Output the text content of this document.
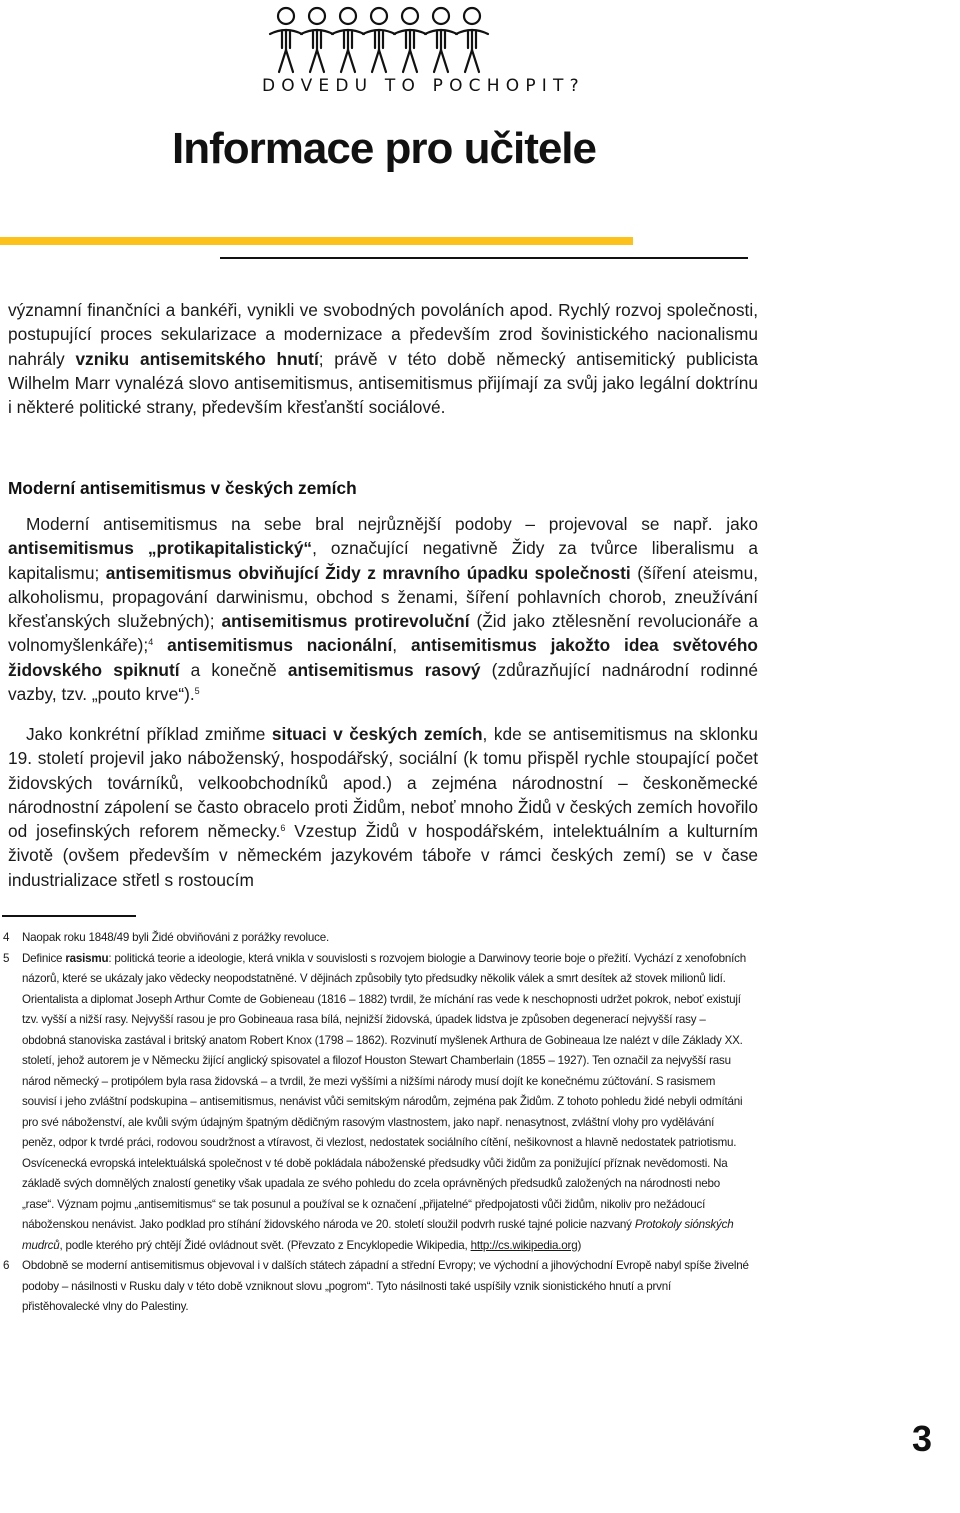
DOVEDU TO POCHOPIT?
Informace pro učitele

významní finančníci a bankéři, vynikli ve svobodných povoláních apod. Rychlý rozvoj společnosti, postupující proces sekularizace a modernizace a především zrod šovinistického nacionalismu nahrály vzniku antisemitského hnutí; právě v této době německý antisemitický publicista Wilhelm Marr vynalézá slovo antisemitismus, antisemitismus přijímají za svůj jako legální doktrínu i některé politické strany, především křesťanští sociálové.

Moderní antisemitismus v českých zemích

Moderní antisemitismus na sebe bral nejrůznější podoby – projevoval se např. jako antisemitismus „protikapitalistický“, označující negativně Židy za tvůrce liberalismu a kapitalismu; antisemitismus obviňující Židy z mravního úpadku společnosti (šíření ateismu, alkoholismu, propagování darwinismu, obchod s ženami, šíření pohlavních chorob, zneužívání křesťanských služebných); antisemitismus protirevoluční (Žid jako ztělesnění revolucionáře a volnomyšlenkáře);$^4$ antisemitismus nacionální, antisemitismus jakožto idea světového židovského spiknutí a konečně antisemitismus rasový (zdůrazňující nadnárodní rodinné vazby, tzv. „pouto krve“).$^5$

Jako konkrétní příklad zmiňme situaci v českých zemích, kde se antisemitismus na sklonku 19. století projevil jako náboženský, hospodářský, sociální (k tomu přispěl rychle stoupající počet židovských továrníků, velkoobchodníků apod.) a zejména národnostní – českoněmecké národnostní zápolení se často obracelo proti Židům, neboť mnoho Židů v českých zemích hovořilo od josefinských reforem německy.$^6$ Vzestup Židů v hospodářském, intelektuálním a kulturním životě (ovšem především v německém jazykovém táboře v rámci českých zemí) se v čase industrializace střetl s rostoucím

4 Naopak roku 1848/49 byli Židé obviňováni z porážky revoluce.
5 Definice rasismu: politická teorie a ideologie, která vnikla v souvislosti s rozvojem biologie a Darwinovy teorie boje o přežití. Vychází z xenofobních názorů, které se ukázaly jako vědecky neopodstatněné. V dějinách způsobily tyto předsudky několik válek a smrt desítek až stovek milionů lidí. Orientalista a diplomat Joseph Arthur Comte de Gobieneau (1816 – 1882) tvrdil, že míchání ras vede k neschopnosti udržet pokrok, neboť existují tzv. vyšší a nižší rasy. Nejvyšší rasou je pro Gobineaua rasa bílá, nejnižší židovská, úpadek lidstva je způsoben degenerací nejvyšší rasy – obdobná stanoviska zastával i britský anatom Robert Knox (1798 – 1862). Rozvinutí myšlenek Arthura de Gobineaua lze nalézt v díle Základy XX. století, jehož autorem je v Německu žijící anglický spisovatel a filozof Houston Stewart Chamberlain (1855 – 1927). Ten označil za nejvyšší rasu národ německý – protipólem byla rasa židovská – a tvrdil, že mezi vyššími a nižšími národy musí dojít ke konečnému zúčtování. S rasismem souvisí i jeho zvláštní podskupina – antisemitismus, nenávist vůči semitským národům, zejména pak Židům. Z tohoto pohledu židé nebyli odmítáni pro své náboženství, ale kvůli svým údajným špatným dědičným rasovým vlastnostem, jako např. nenasytnost, zvláštní vlohy pro vydělávání peněz, odpor k tvrdé práci, rodovou soudržnost a vtíravost, či vlezlost, nedostatek sociálního cítění, nešikovnost a hlavně nedostatek patriotismu. Osvícenecká evropská intelektuálská společnost v té době pokládala náboženské předsudky vůči židům za ponižující příznak nevědomosti. Na základě svých domnělých znalostí genetiky však upadala ze svého pohledu do zcela oprávněných předsudků založených na národnosti nebo „rase“. Význam pojmu „antisemitismus“ se tak posunul a používal se k označení „přijatelné“ předpojatosti vůči židům, nikoliv pro nežádoucí náboženskou nenávist. Jako podklad pro stíhání židovského národa ve 20. století sloužil podvrh ruské tajné policie nazvaný Protokoly siónských mudrců, podle kterého prý chtějí Židé ovládnout svět. (Převzato z Encyklopedie Wikipedia, http://cs.wikipedia.org)
6 Obdobně se moderní antisemitismus objevoval i v dalších státech západní a střední Evropy; ve východní a jihovýchodní Evropě nabyl spíše živelné podoby – násilnosti v Rusku daly v této době vzniknout slovu „pogrom“. Tyto násilnosti také uspíšily vznik sionistického hnutí a první přistěhovalecké vlny do Palestiny.
3
